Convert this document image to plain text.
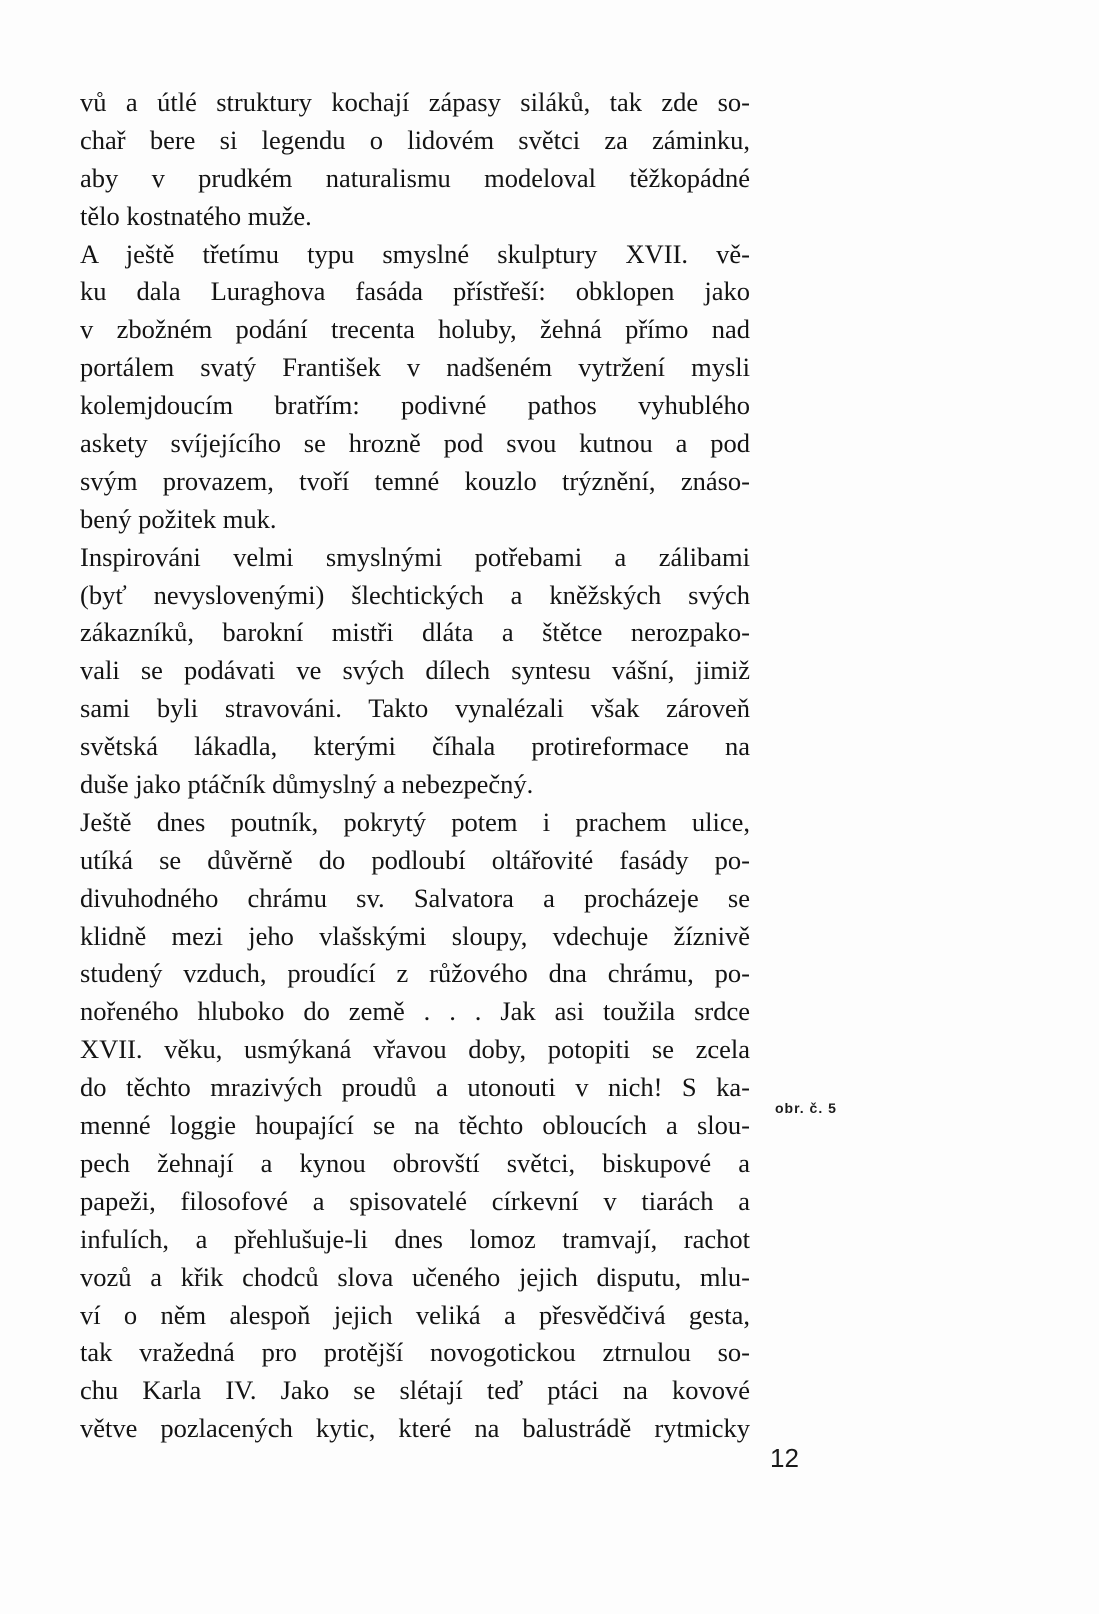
vů a útlé struktury kochají zápasy siláků, tak zde so-
chař bere si legendu o lidovém světci za záminku,
aby v prudkém naturalismu modeloval těžkopádné
tělo kostnatého muže.
A ještě třetímu typu smyslné skulptury XVII. vě-
ku dala Luraghova fasáda přístřeší: obklopen jako
v zbožném podání trecenta holuby, žehná přímo nad
portálem svatý František v nadšeném vytržení mysli
kolemjdoucím bratřím: podivné pathos vyhublého
askety svíjejícího se hrozně pod svou kutnou a pod
svým provazem, tvoří temné kouzlo trýznění, znáso-
bený požitek muk.
Inspirováni velmi smyslnými potřebami a zálibami
(byť nevyslovenými) šlechtických a kněžských svých
zákazníků, barokní mistři dláta a štětce nerozpako-
vali se podávati ve svých dílech syntesu vášní, jimiž
sami byli stravováni. Takto vynalézali však zároveň
světská lákadla, kterými číhala protireformace na
duše jako ptáčník důmyslný a nebezpečný.
Ještě dnes poutník, pokrytý potem i prachem ulice,
utíká se důvěrně do podloubí oltářovité fasády po-
divuhodného chrámu sv. Salvatora a procházeje se
klidně mezi jeho vlašskými sloupy, vdechuje žíznivě
studený vzduch, proudící z růžového dna chrámu, po-
nořeného hluboko do země . . . Jak asi toužila srdce
XVII. věku, usmýkaná vřavou doby, potopiti se zcela
do těchto mrazivých proudů a utonouti v nich! S ka-
menné loggie houpající se na těchto obloucích a slou-
pech žehnají a kynou obrovští světci, biskupové a
papeži, filosofové a spisovatelé církevní v tiarách a
infulích, a přehlušuje-li dnes lomoz tramvají, rachot
vozů a křik chodců slova učeného jejich disputu, mlu-
ví o něm alespoň jejich veliká a přesvědčivá gesta,
tak vražedná pro protější novogotickou ztrnulou so-
chu Karla IV. Jako se slétají teď ptáci na kovové
větve pozlacených kytic, které na balustrádě rytmicky
obr. č. 5
12
